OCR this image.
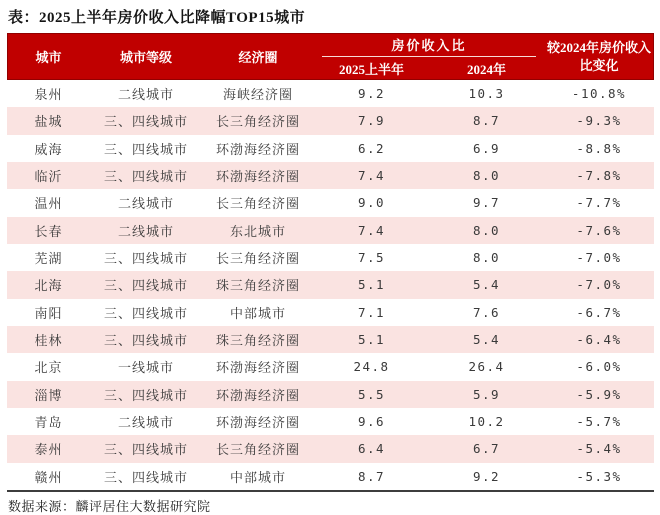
表：2025上半年房价收入比降幅TOP15城市
城市	城市等级	经济圈
房价收入比
2025上半年	2024年
较2024年房价收入
比变化
泉州	二线城市	海峡经济圈	9.2	10.3	-10.8%
盐城	三、四线城市	长三角经济圈	7.9	8.7	-9.3%
威海	三、四线城市	环渤海经济圈	6.2	6.9	-8.8%
临沂	三、四线城市	环渤海经济圈	7.4	8.0	-7.8%
温州	二线城市	长三角经济圈	9.0	9.7	-7.7%
长春	二线城市	东北城市	7.4	8.0	-7.6%
芜湖	三、四线城市	长三角经济圈	7.5	8.0	-7.0%
北海	三、四线城市	珠三角经济圈	5.1	5.4	-7.0%
南阳	三、四线城市	中部城市	7.1	7.6	-6.7%
桂林	三、四线城市	珠三角经济圈	5.1	5.4	-6.4%
北京	一线城市	环渤海经济圈	24.8	26.4	-6.0%
淄博	三、四线城市	环渤海经济圈	5.5	5.9	-5.9%
青岛	二线城市	环渤海经济圈	9.6	10.2	-5.7%
泰州	三、四线城市	长三角经济圈	6.4	6.7	-5.4%
赣州	三、四线城市	中部城市	8.7	9.2	-5.3%
数据来源：麟评居住大数据研究院
